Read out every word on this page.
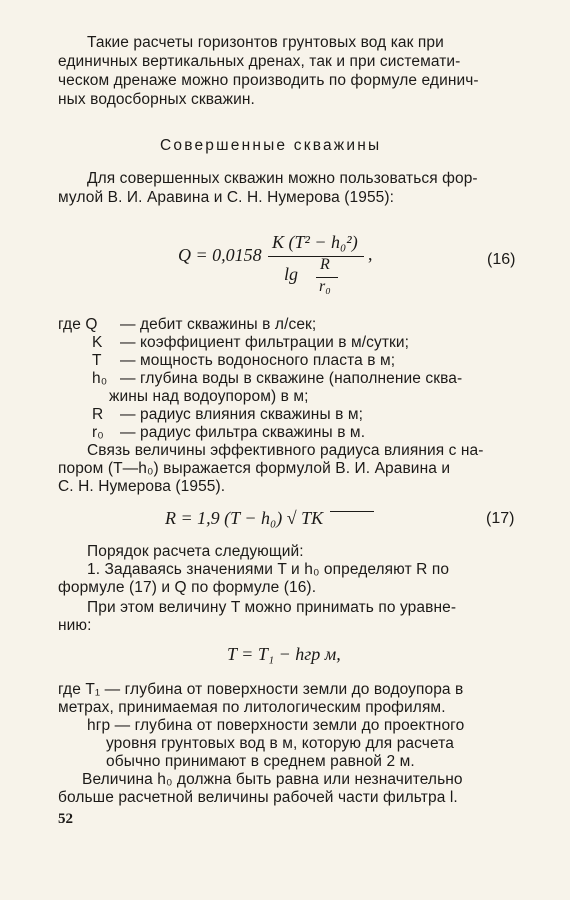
Такие расчеты горизонтов грунтовых вод как при
единичных вертикальных дренах, так и при системати-
ческом дренаже можно производить по формуле единич-
ных водосборных скважин.
Совершенные скважины
Для совершенных скважин можно пользоваться фор-
мулой В. И. Аравина и С. Н. Нумерова (1955):
Q = 0,0158
K (T² − h₀²)
lg R
r₀
,	(16)
где Q — дебит скважины в л/сек;
K — коэффициент фильтрации в м/сутки;
T — мощность водоносного пласта в м;
h₀ — глубина воды в скважине (наполнение сква-
жины над водоупором) в м;
R — радиус влияния скважины в м;
r₀ — радиус фильтра скважины в м.
Связь величины эффективного радиуса влияния с на-
пором (T—h₀) выражается формулой В. И. Аравина и
С. Н. Нумерова (1955).
R = 1,9 (T − h₀) √ TK	(17)
Порядок расчета следующий:
1. Задаваясь значениями T и h₀ определяют R по
формуле (17) и Q по формуле (16).
При этом величину T можно принимать по уравне-
нию:
T = T₁ − hгр м,
где T₁ — глубина от поверхности земли до водоупора в
метрах, принимаемая по литологическим профилям.
hгр — глубина от поверхности земли до проектного
уровня грунтовых вод в м, которую для расчета
обычно принимают в среднем равной 2 м.
Величина h₀ должна быть равна или незначительно
больше расчетной величины рабочей части фильтра l.
52
